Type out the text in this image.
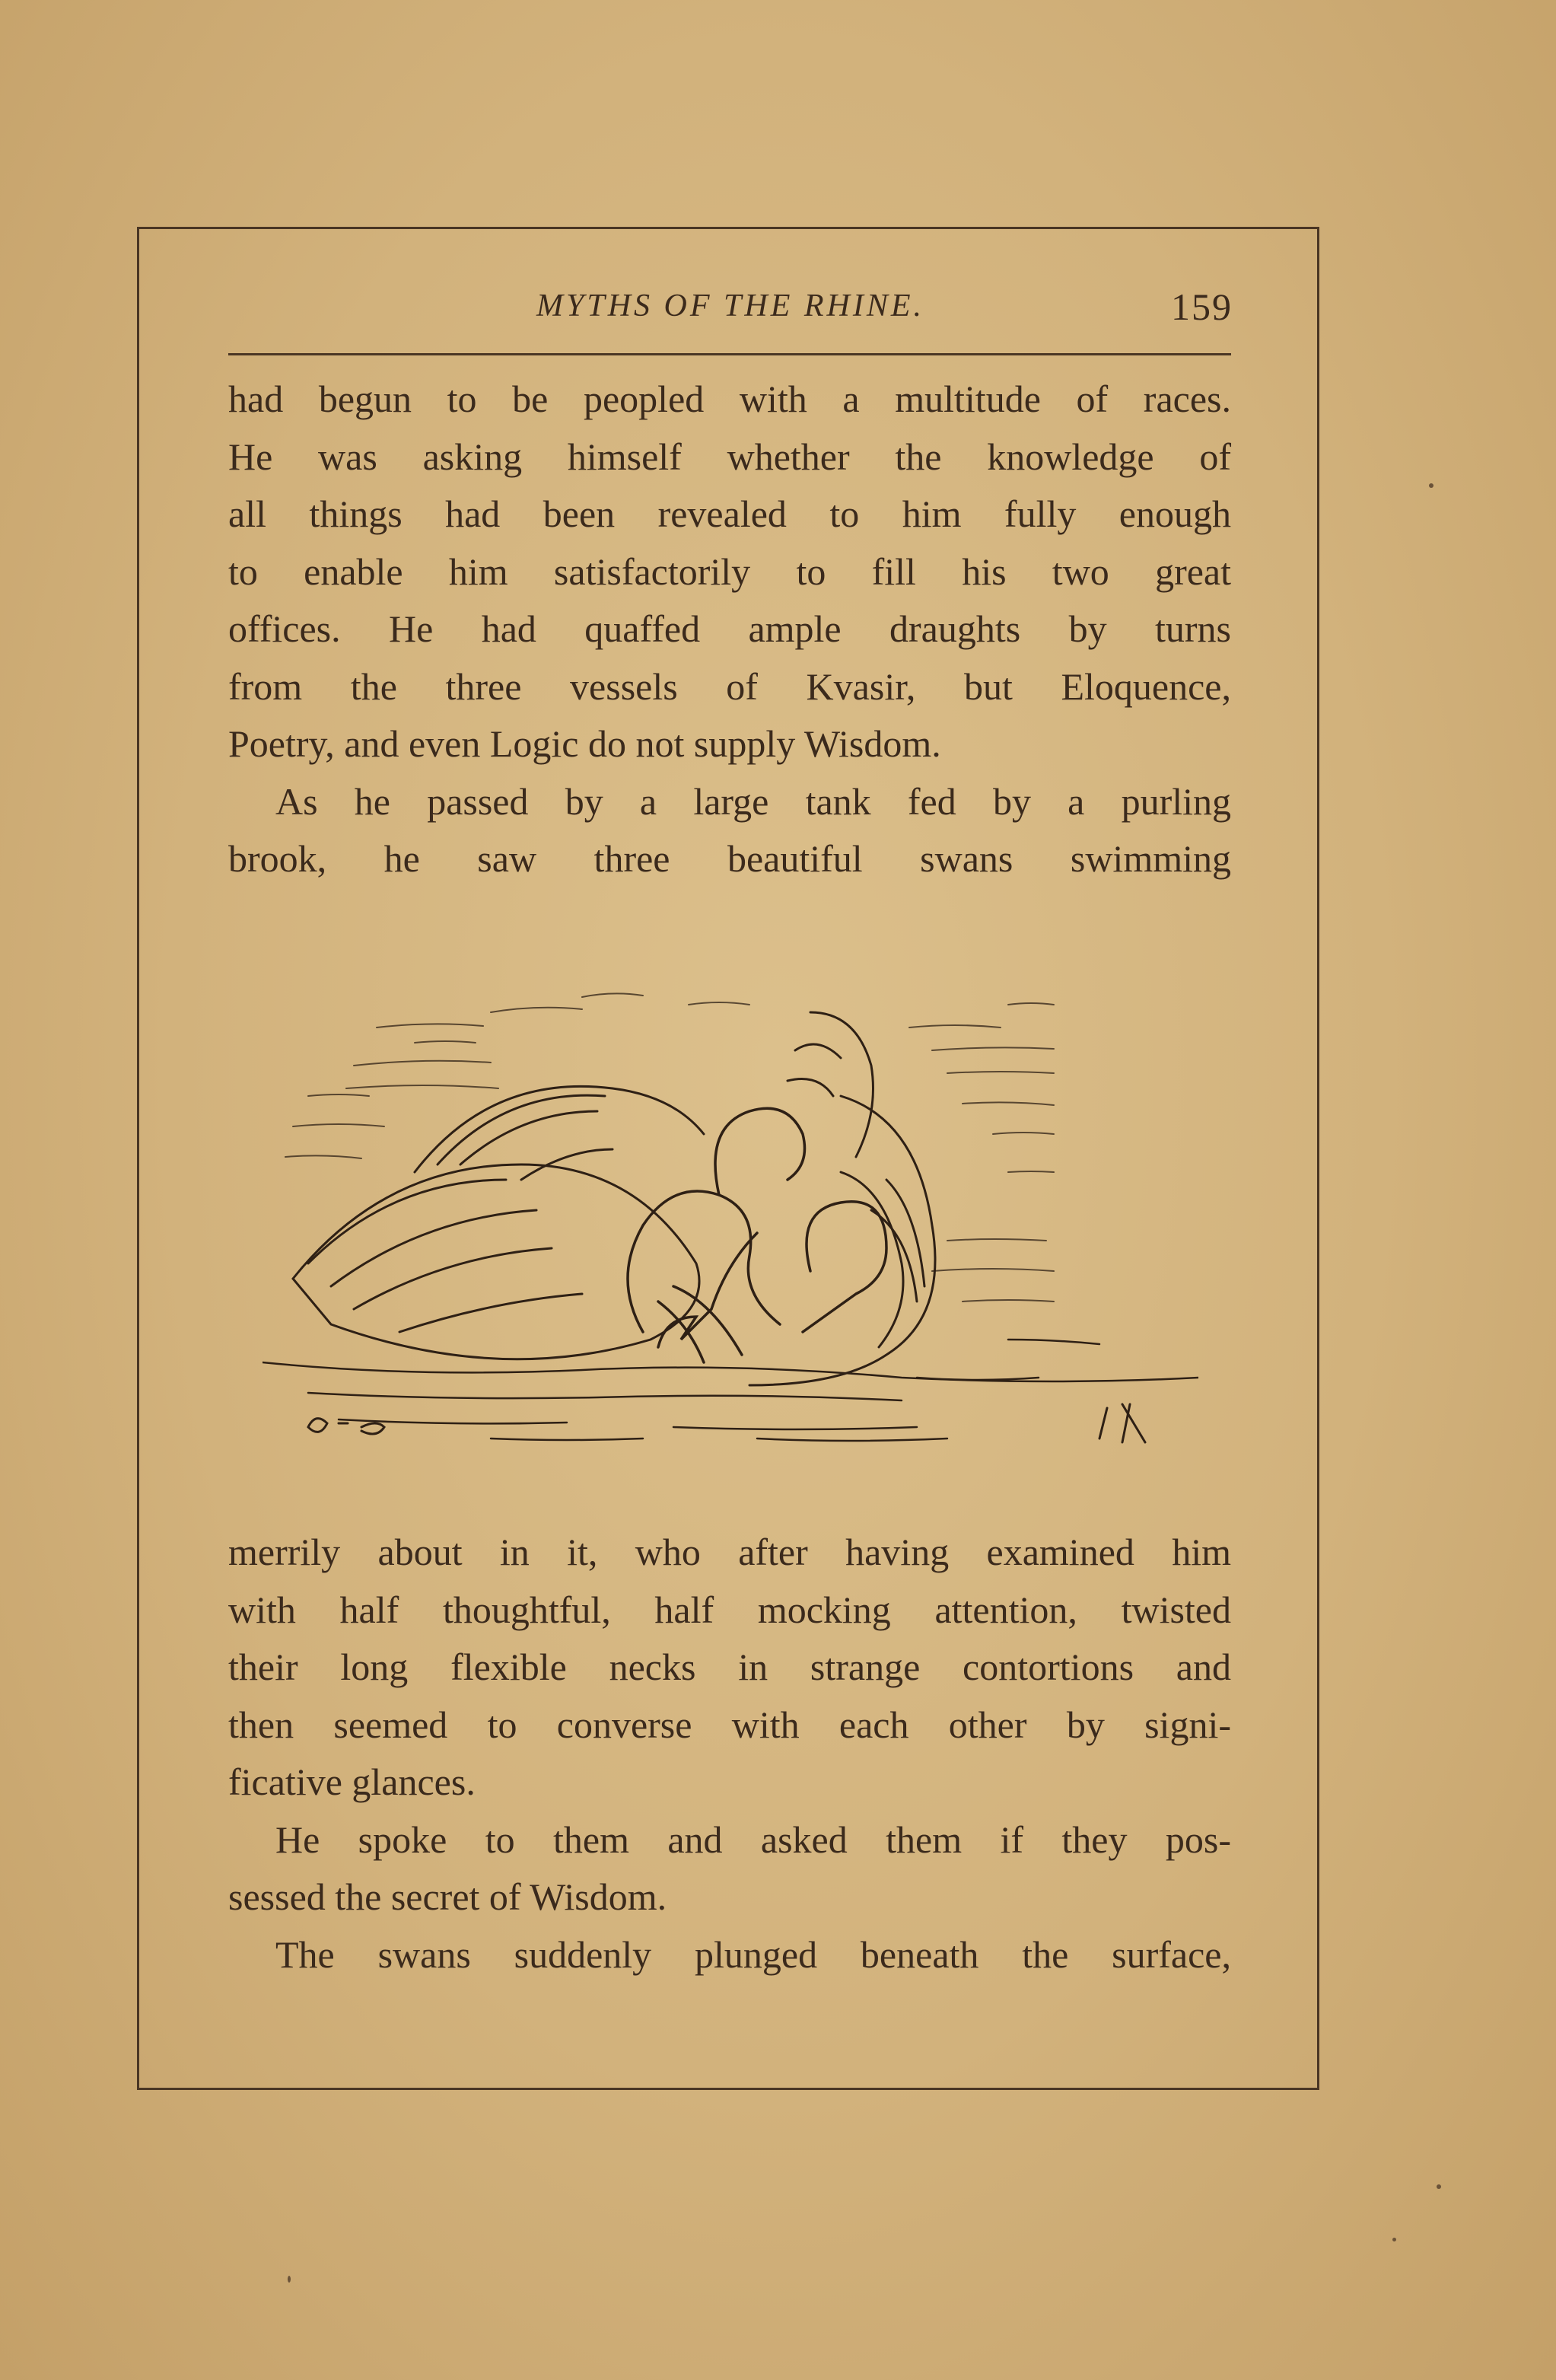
MYTHS OF THE RHINE.	159
had begun to be peopled with a multitude of races.
He was asking himself whether the knowledge of
all things had been revealed to him fully enough
to enable him satisfactorily to fill his two great
offices. He had quaffed ample draughts by turns
from the three vessels of Kvasir, but Eloquence,
Poetry, and even Logic do not supply Wisdom.
As he passed by a large tank fed by a purling
brook, he saw three beautiful swans swimming
merrily about in it, who after having examined him
with half thoughtful, half mocking attention, twisted
their long flexible necks in strange contortions and
then seemed to converse with each other by signi-
ficative glances.
He spoke to them and asked them if they pos-
sessed the secret of Wisdom.
The swans suddenly plunged beneath the surface,
